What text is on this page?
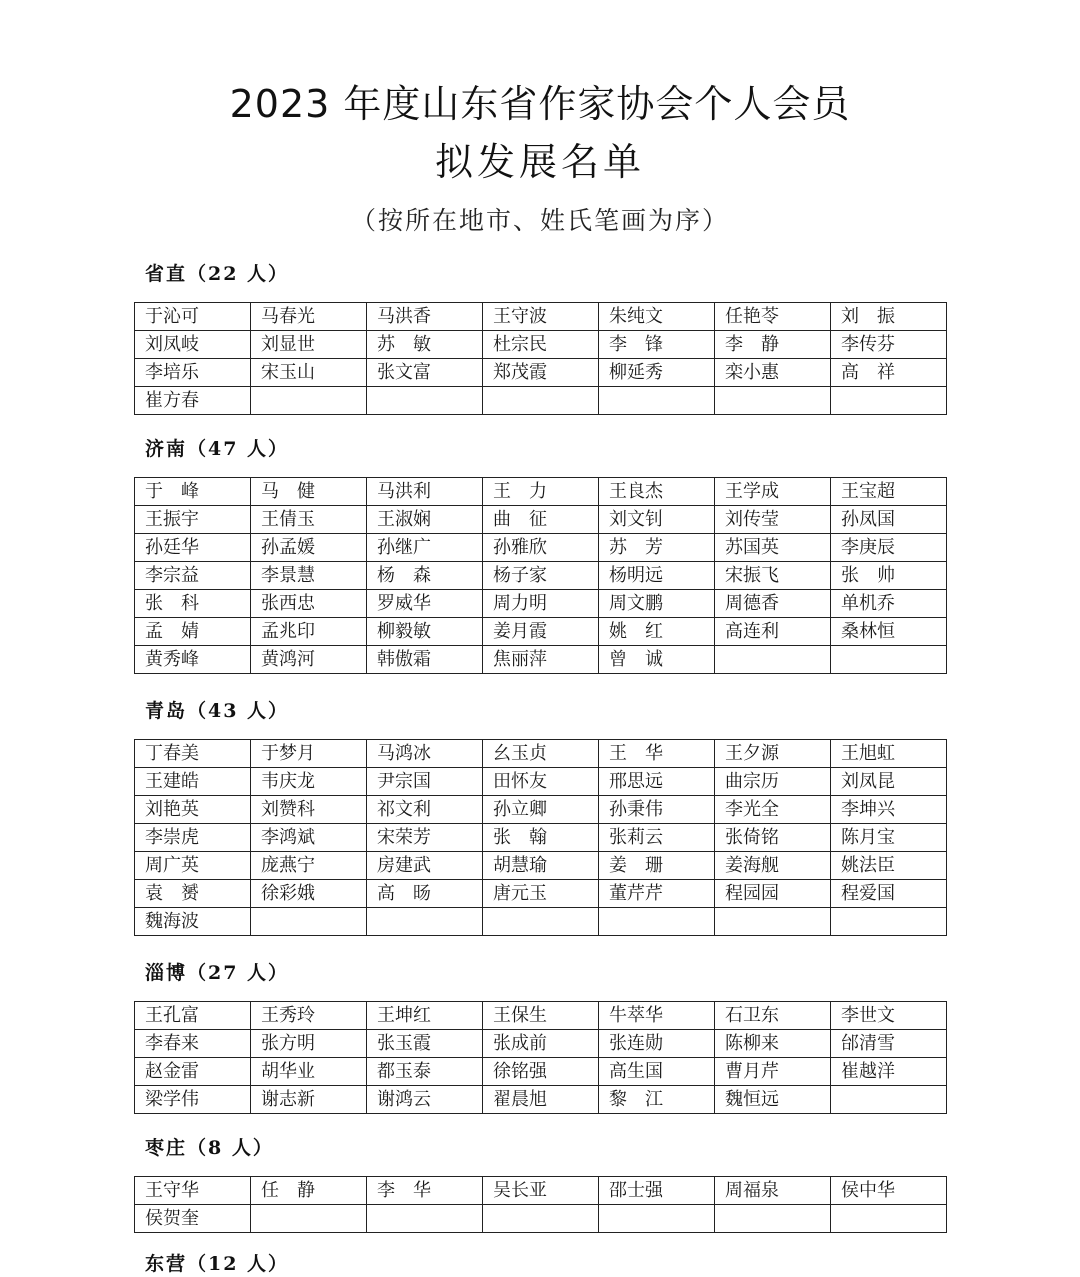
2023 年度山东省作家协会个人会员
拟发展名单
（按所在地市、姓氏笔画为序）
省直（22 人）
于沁可	马春光	马洪香	王守波	朱纯文	任艳苓	刘　振
刘凤岐	刘显世	苏　敏	杜宗民	李　锋	李　静	李传芬
李培乐	宋玉山	张文富	郑茂霞	柳延秀	栾小惠	高　祥
崔方春						
济南（47 人）
于　峰	马　健	马洪利	王　力	王良杰	王学成	王宝超
王振宇	王倩玉	王淑娴	曲　征	刘文钊	刘传莹	孙凤国
孙廷华	孙孟媛	孙继广	孙雅欣	苏　芳	苏国英	李庚辰
李宗益	李景慧	杨　森	杨子家	杨明远	宋振飞	张　帅
张　科	张西忠	罗威华	周力明	周文鹏	周德香	单机乔
孟　婧	孟兆印	柳毅敏	姜月霞	姚　红	高连利	桑林恒
黄秀峰	黄鸿河	韩傲霜	焦丽萍	曾　诚		
青岛（43 人）
丁春美	于梦月	马鸿冰	幺玉贞	王　华	王夕源	王旭虹
王建皓	韦庆龙	尹宗国	田怀友	邢思远	曲宗历	刘凤昆
刘艳英	刘赞科	祁文利	孙立卿	孙秉伟	李光全	李坤兴
李崇虎	李鸿斌	宋荣芳	张　翰	张莉云	张倚铭	陈月宝
周广英	庞燕宁	房建武	胡慧瑜	姜　珊	姜海舰	姚法臣
袁　赟	徐彩娥	高　旸	唐元玉	董芹芹	程园园	程爱国
魏海波						
淄博（27 人）
王孔富	王秀玲	王坤红	王保生	牛萃华	石卫东	李世文
李春来	张方明	张玉霞	张成前	张连勋	陈柳来	邰清雪
赵金雷	胡华业	都玉泰	徐铭强	高生国	曹月芹	崔越洋
梁学伟	谢志新	谢鸿云	翟晨旭	黎　江	魏恒远	
枣庄（8 人）
王守华	任　静	李　华	吴长亚	邵士强	周福泉	侯中华
侯贺奎						
东营（12 人）
